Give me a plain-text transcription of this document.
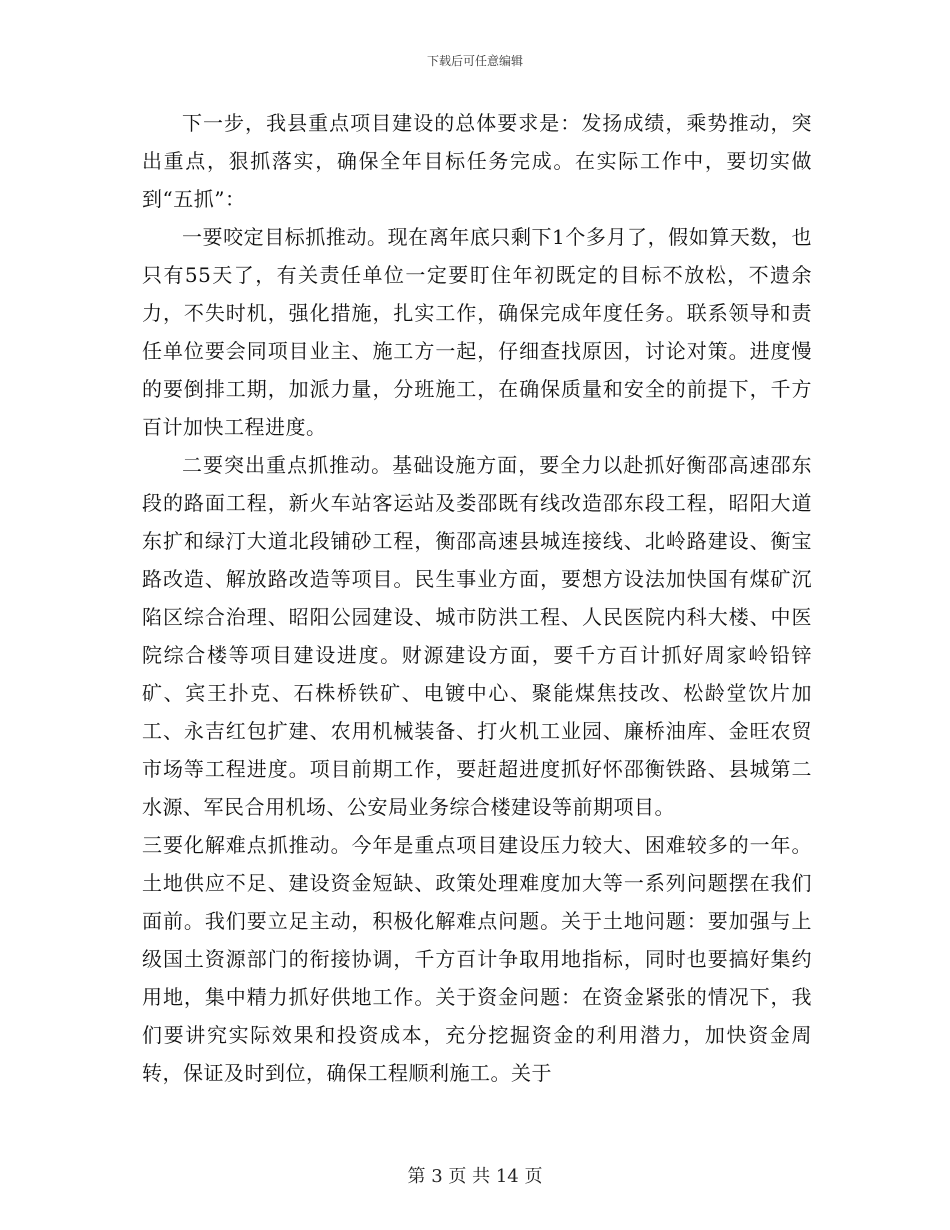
下载后可任意编辑

下一步，我县重点项目建设的总体要求是：发扬成绩，乘势推动，突出重点，狠抓落实，确保全年目标任务完成。在实际工作中，要切实做到“五抓”：

一要咬定目标抓推动。现在离年底只剩下1个多月了，假如算天数，也只有55天了，有关责任单位一定要盯住年初既定的目标不放松，不遗余力，不失时机，强化措施，扎实工作，确保完成年度任务。联系领导和责任单位要会同项目业主、施工方一起，仔细查找原因，讨论对策。进度慢的要倒排工期，加派力量，分班施工，在确保质量和安全的前提下，千方百计加快工程进度。

二要突出重点抓推动。基础设施方面，要全力以赴抓好衡邵高速邵东段的路面工程，新火车站客运站及娄邵既有线改造邵东段工程，昭阳大道东扩和绿汀大道北段铺砂工程，衡邵高速县城连接线、北岭路建设、衡宝路改造、解放路改造等项目。民生事业方面，要想方设法加快国有煤矿沉陷区综合治理、昭阳公园建设、城市防洪工程、人民医院内科大楼、中医院综合楼等项目建设进度。财源建设方面，要千方百计抓好周家岭铅锌矿、宾王扑克、石株桥铁矿、电镀中心、聚能煤焦技改、松龄堂饮片加工、永吉红包扩建、农用机械装备、打火机工业园、廉桥油库、金旺农贸市场等工程进度。项目前期工作，要赶超进度抓好怀邵衡铁路、县城第二水源、军民合用机场、公安局业务综合楼建设等前期项目。

三要化解难点抓推动。今年是重点项目建设压力较大、困难较多的一年。土地供应不足、建设资金短缺、政策处理难度加大等一系列问题摆在我们面前。我们要立足主动，积极化解难点问题。关于土地问题：要加强与上级国土资源部门的衔接协调，千方百计争取用地指标，同时也要搞好集约用地，集中精力抓好供地工作。关于资金问题：在资金紧张的情况下，我们要讲究实际效果和投资成本，充分挖掘资金的利用潜力，加快资金周转，保证及时到位，确保工程顺利施工。关于

第 3 页 共 14 页
